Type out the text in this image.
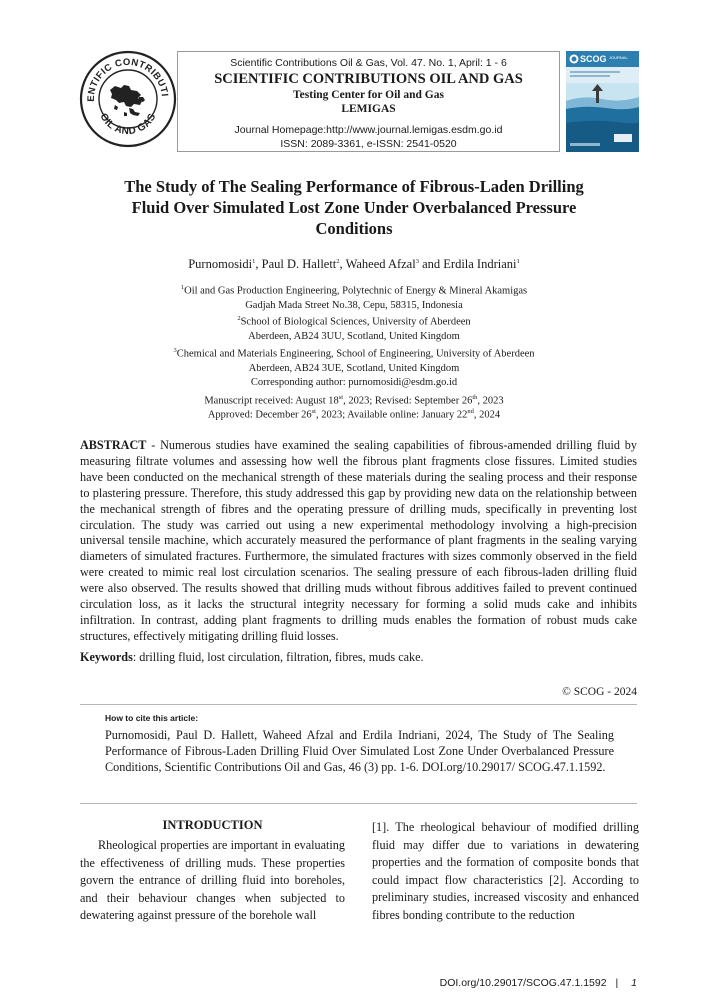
ENTIFIC CONTRIBUTI
OIL AND GAS
Scientific Contributions Oil & Gas, Vol. 47. No. 1, April: 1 - 6
SCIENTIFIC CONTRIBUTIONS OIL AND GAS
Testing Center for Oil and Gas
LEMIGAS
Journal Homepage:http://www.journal.lemigas.esdm.go.id
ISSN: 2089-3361, e-ISSN: 2541-0520
SCOG JOURNAL
The Study of The Sealing Performance of Fibrous-Laden Drilling Fluid Over Simulated Lost Zone Under Overbalanced Pressure Conditions
Purnomosidi$^1$, Paul D. Hallett$^2$, Waheed Afzal$^3$ and Erdila Indriani$^1$
$^1$Oil and Gas Production Engineering, Polytechnic of Energy & Mineral Akamigas
Gadjah Mada Street No.38, Cepu, 58315, Indonesia
$^2$School of Biological Sciences, University of Aberdeen
Aberdeen, AB24 3UU, Scotland, United Kingdom
$^3$Chemical and Materials Engineering, School of Engineering, University of Aberdeen
Aberdeen, AB24 3UE, Scotland, United Kingdom
Corresponding author: purnomosidi@esdm.go.id
Manuscript received: August 18st, 2023; Revised: September 26th, 2023
Approved: December 26st, 2023; Available online: January 22nd, 2024
ABSTRACT - Numerous studies have examined the sealing capabilities of fibrous-amended drilling fluid by measuring filtrate volumes and assessing how well the fibrous plant fragments close fissures. Limited studies have been conducted on the mechanical strength of these materials during the sealing process and their response to plastering pressure. Therefore, this study addressed this gap by providing new data on the relationship between the mechanical strength of fibres and the operating pressure of drilling muds, specifically in preventing lost circulation. The study was carried out using a new experimental methodology involving a high-precision universal tensile machine, which accurately measured the performance of plant fragments in the sealing varying diameters of simulated fractures. Furthermore, the simulated fractures with sizes commonly observed in the field were created to mimic real lost circulation scenarios. The sealing pressure of each fibrous-laden drilling fluid were also observed. The results showed that drilling muds without fibrous additives failed to prevent continued circulation loss, as it lacks the structural integrity necessary for forming a solid muds cake and inhibits infiltration. In contrast, adding plant fragments to drilling muds enables the formation of robust muds cake structures, effectively mitigating drilling fluid losses.
Keywords: drilling fluid, lost circulation, filtration, fibres, muds cake.
© SCOG - 2024
How to cite this article:
Purnomosidi, Paul D. Hallett, Waheed Afzal and Erdila Indriani, 2024, The Study of The Sealing Performance of Fibrous-Laden Drilling Fluid Over Simulated Lost Zone Under Overbalanced Pressure Conditions, Scientific Contributions Oil and Gas, 46 (3) pp. 1-6. DOI.org/10.29017/ SCOG.47.1.1592.
INTRODUCTION
Rheological properties are important in evaluating the effectiveness of drilling muds. These properties govern the entrance of drilling fluid into boreholes, and their behaviour changes when subjected to dewatering against pressure of the borehole wall
[1]. The rheological behaviour of modified drilling fluid may differ due to variations in dewatering properties and the formation of composite bonds that could impact flow characteristics [2]. According to preliminary studies, increased viscosity and enhanced fibres bonding contribute to the reduction
DOI.org/10.29017/SCOG.47.1.1592 | 1
